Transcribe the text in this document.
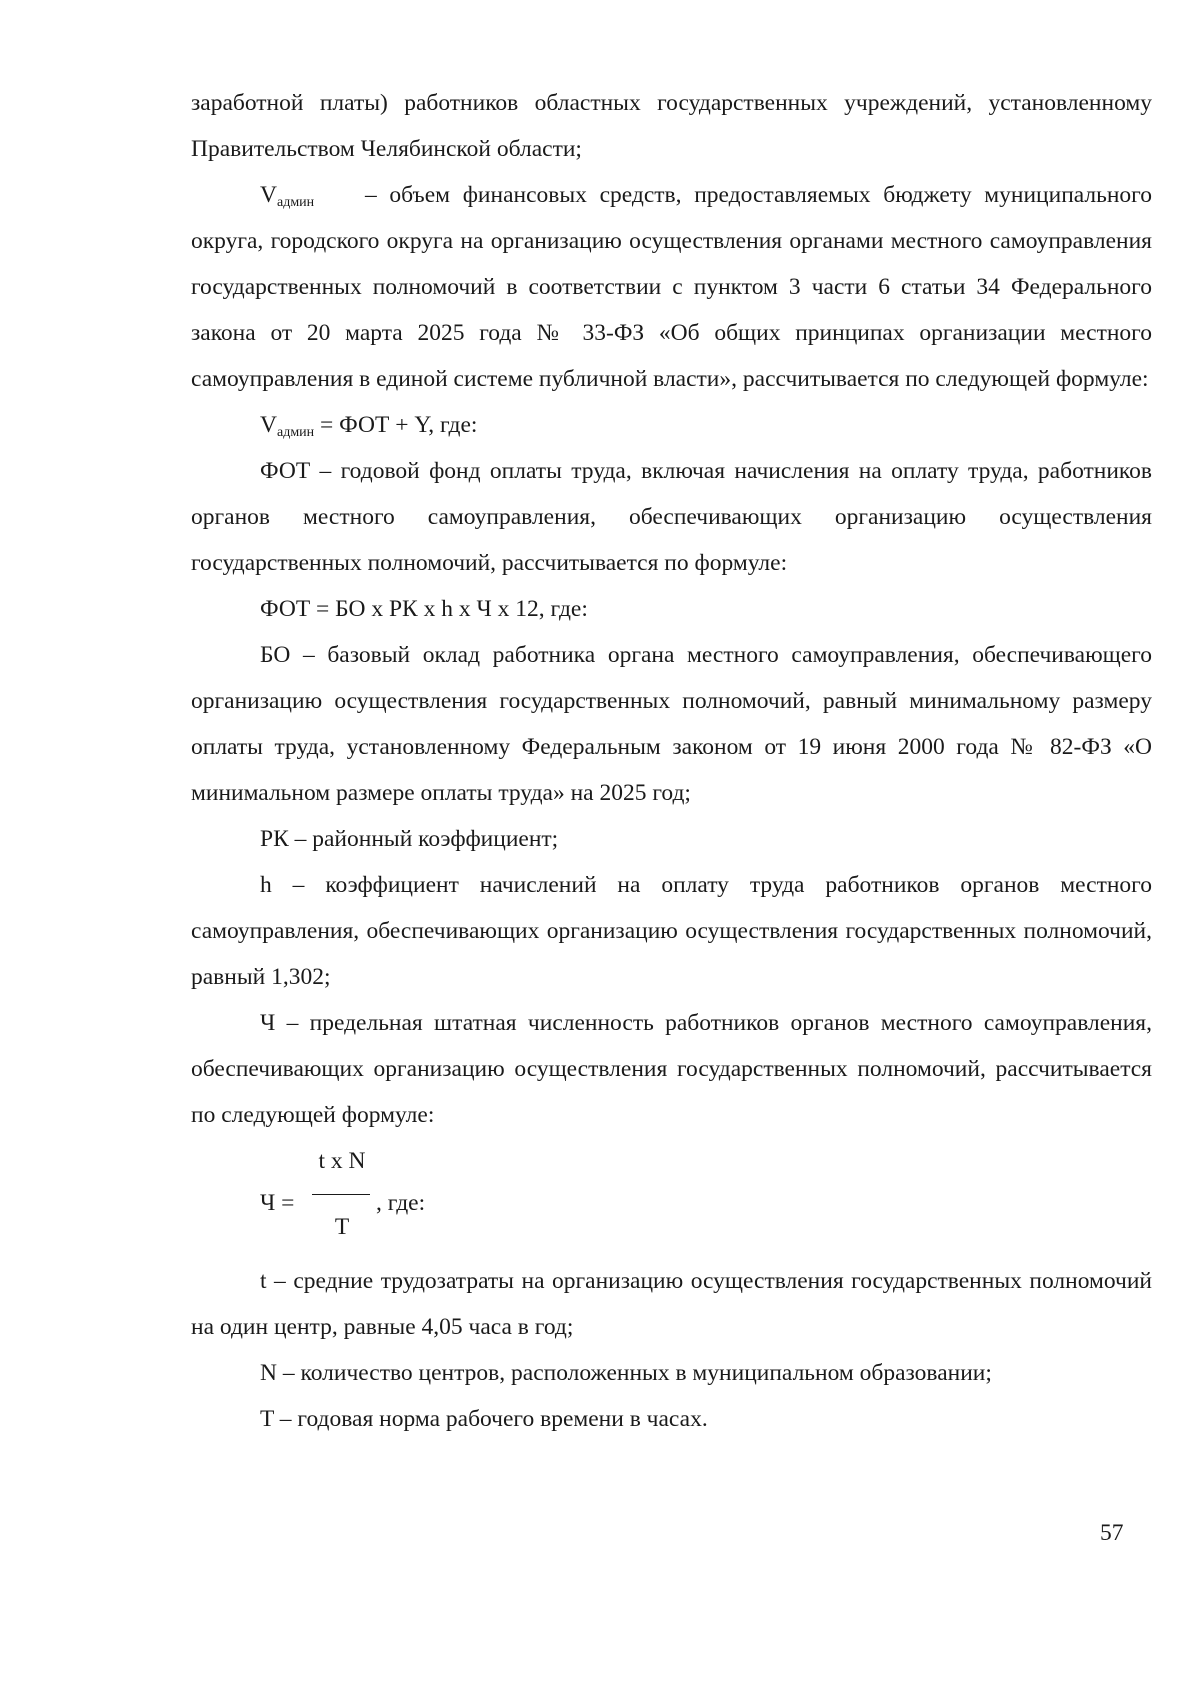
заработной платы) работников областных государственных учреждений, установленному Правительством Челябинской области;

$V_{админ}$ – объем финансовых средств, предоставляемых бюджету муниципального округа, городского округа на организацию осуществления органами местного самоуправления государственных полномочий в соответствии с пунктом 3 части 6 статьи 34 Федерального закона от 20 марта 2025 года № 33-ФЗ «Об общих принципах организации местного самоуправления в единой системе публичной власти», рассчитывается по следующей формуле:

$V_{админ}$ = ФОТ + Y, где:

ФОТ – годовой фонд оплаты труда, включая начисления на оплату труда, работников органов местного самоуправления, обеспечивающих организацию осуществления государственных полномочий, рассчитывается по формуле:

ФОТ = БО х РК х h х Ч х 12, где:

БО – базовый оклад работника органа местного самоуправления, обеспечивающего организацию осуществления государственных полномочий, равный минимальному размеру оплаты труда, установленному Федеральным законом от 19 июня 2000 года № 82-ФЗ «О минимальном размере оплаты труда» на 2025 год;

РК – районный коэффициент;

h – коэффициент начислений на оплату труда работников органов местного самоуправления, обеспечивающих организацию осуществления государственных полномочий, равный 1,302;

Ч – предельная штатная численность работников органов местного самоуправления, обеспечивающих организацию осуществления государственных полномочий, рассчитывается по следующей формуле:

Ч =
t x N
T
, где:

t – средние трудозатраты на организацию осуществления государственных полномочий на один центр, равные 4,05 часа в год;

N – количество центров, расположенных в муниципальном образовании;

T – годовая норма рабочего времени в часах.

57
